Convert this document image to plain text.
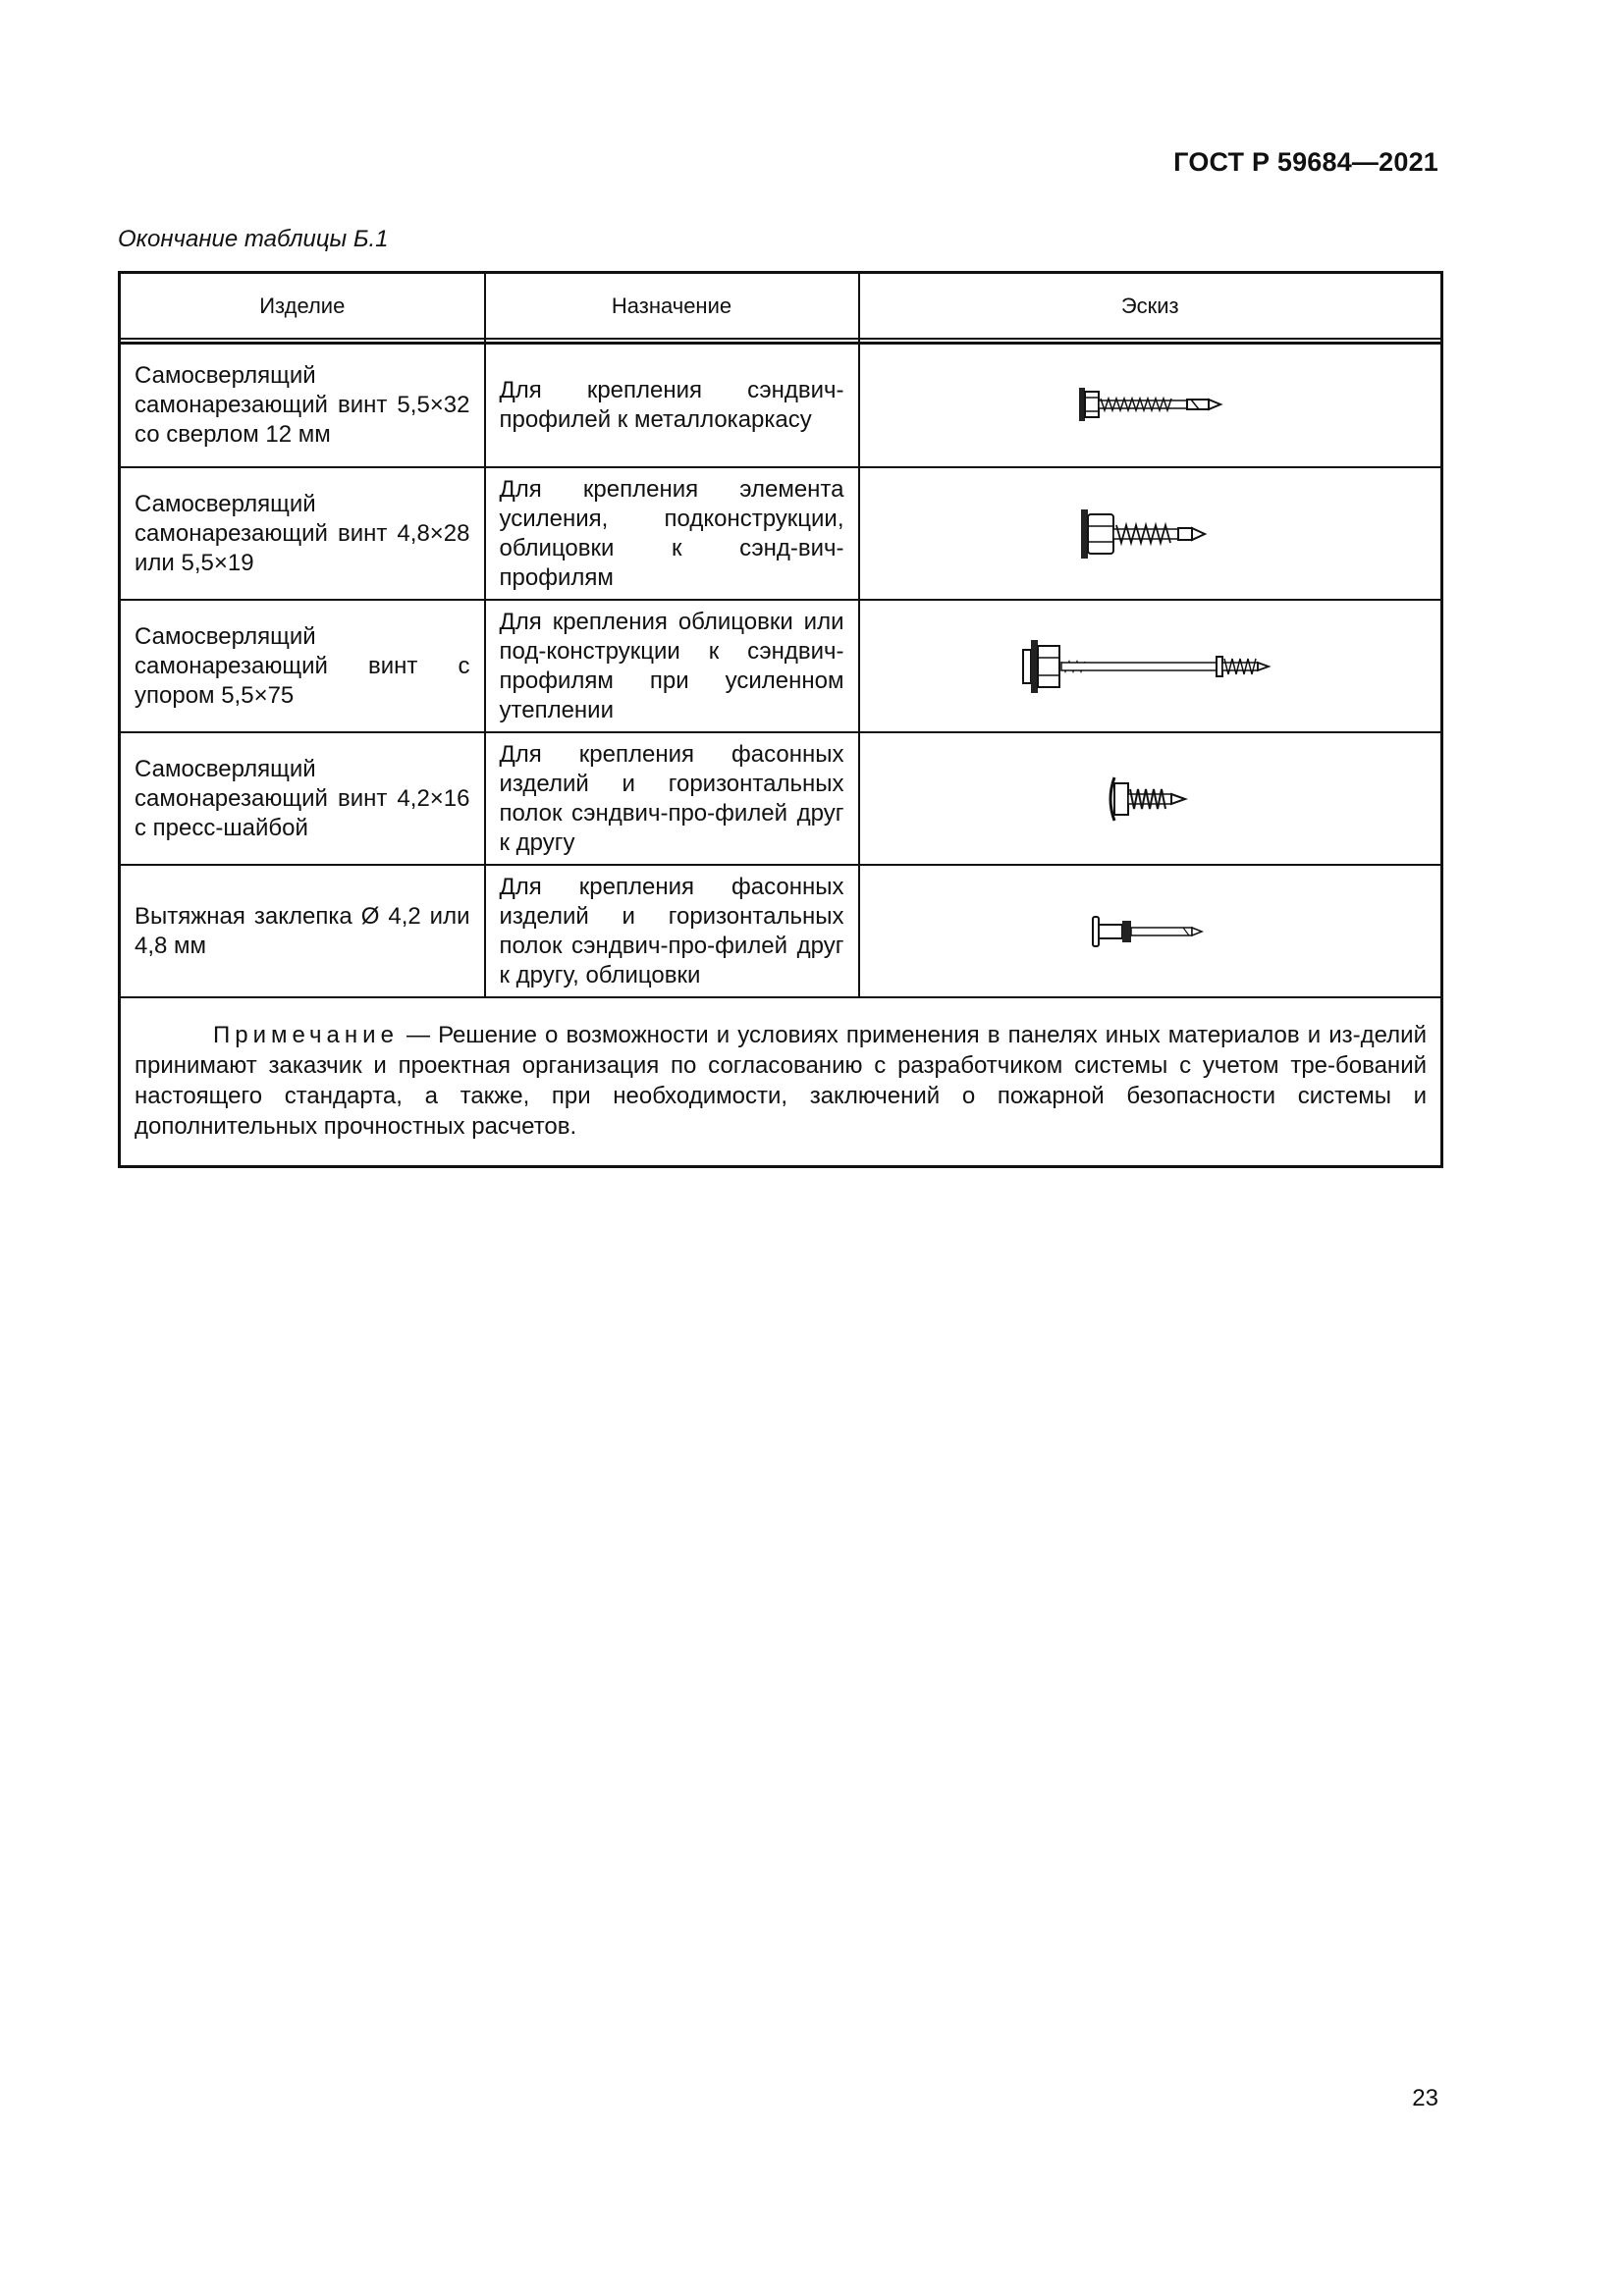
ГОСТ Р 59684—2021
Окончание таблицы Б.1
Изделие	Назначение	Эскиз

Самосверлящий самонарезающий винт 5,5×32 со сверлом 12 мм	Для крепления сэндвич-профилей к металлокаркасу

Самосверлящий самонарезающий винт 4,8×28 или 5,5×19	Для крепления элемента усиления, подконструкции, облицовки к сэнд-вич-профилям

Самосверлящий самонарезающий винт с упором 5,5×75	Для крепления облицовки или под-конструкции к сэндвич-профилям при усиленном утеплении

Самосверлящий самонарезающий винт 4,2×16 с пресс-шайбой	Для крепления фасонных изделий и горизонтальных полок сэндвич-про-филей друг к другу

Вытяжная заклепка Ø 4,2 или 4,8 мм	Для крепления фасонных изделий и горизонтальных полок сэндвич-про-филей друг к другу, облицовки

Примечание — Решение о возможности и условиях применения в панелях иных материалов и из-делий принимают заказчик и проектная организация по согласованию с разработчиком системы с учетом тре-бований настоящего стандарта, а также, при необходимости, заключений о пожарной безопасности системы и дополнительных прочностных расчетов.		
23
